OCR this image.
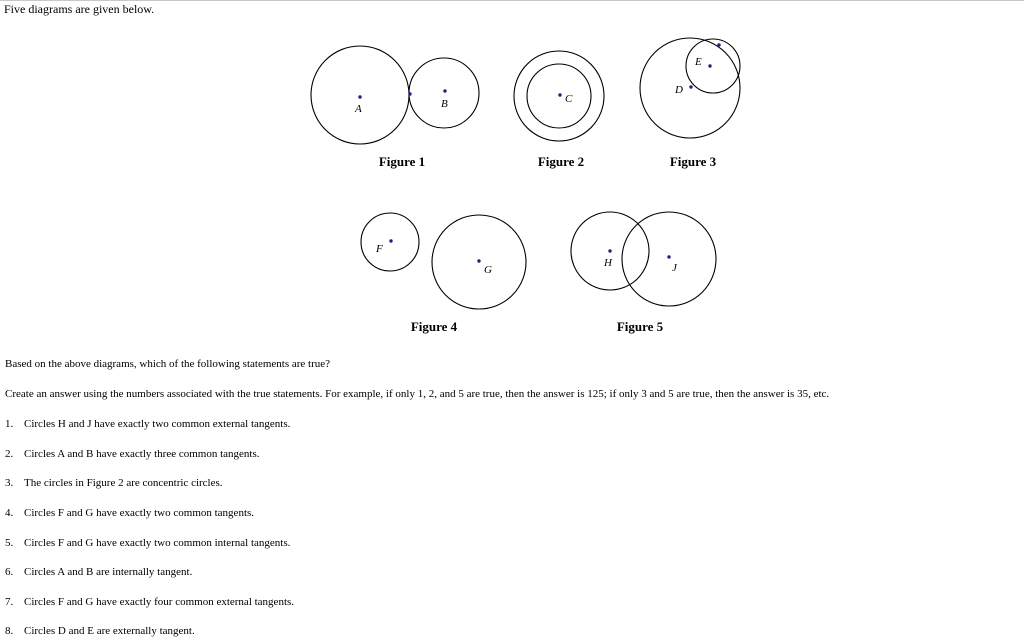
Five diagrams are given below.
A	B	C
E
D
F
G
H	J
Figure 1	Figure 2	Figure 3
Figure 4	Figure 5
Based on the above diagrams, which of the following statements are true?
Create an answer using the numbers associated with the true statements. For example, if only 1, 2, and 5 are true, then the answer is 125; if only 3 and 5 are true, then the answer is 35, etc.
1. Circles H and J have exactly two common external tangents.
2. Circles A and B have exactly three common tangents.
3. The circles in Figure 2 are concentric circles.
4. Circles F and G have exactly two common tangents.
5. Circles F and G have exactly two common internal tangents.
6. Circles A and B are internally tangent.
7. Circles F and G have exactly four common external tangents.
8. Circles D and E are externally tangent.
